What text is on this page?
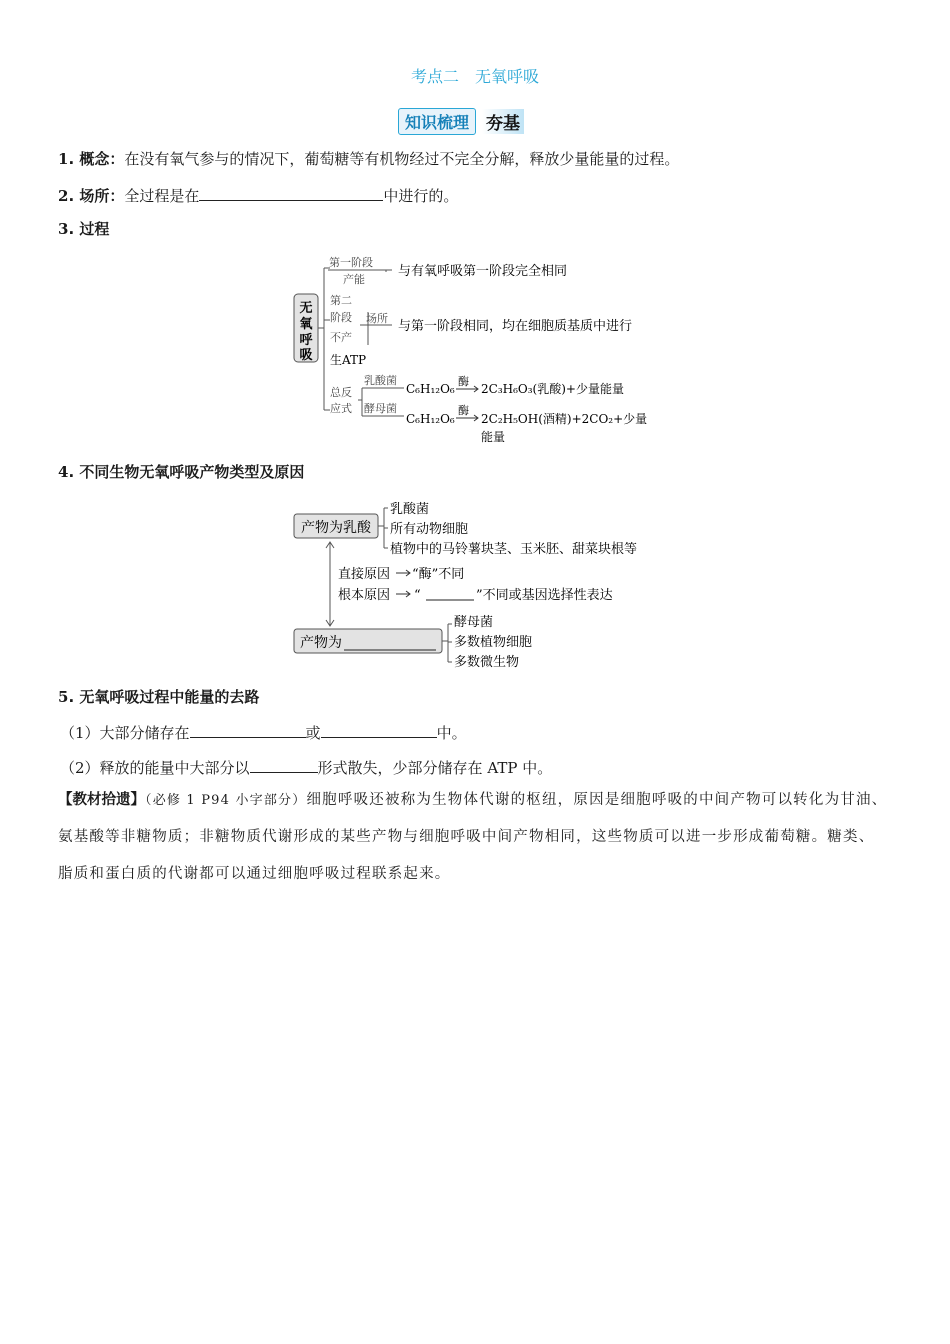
考点二 无氧呼吸
知识梳理	夯基
1. 概念：在没有氧气参与的情况下，葡萄糖等有机物经过不完全分解，释放少量能量的过程。
2. 场所：全过程是在	中进行的。
3. 过程
无
氧
呼
吸
第一阶段
产能
与有氧呼吸第一阶段完全相同
第二
阶段 场所
与第一阶段相同，均在细胞质基质中进行
不产
生ATP
总反
应式
乳酸菌
酵母菌
C₆H₁₂O₆
酶
2C₃H₆O₃(乳酸)+少量能量
C₆H₁₂O₆
酶
2C₂H₅OH(酒精)+2CO₂+少量
能量
4. 不同生物无氧呼吸产物类型及原因
产物为乳酸
乳酸菌
所有动物细胞
植物中的马铃薯块茎、玉米胚、甜菜块根等
直接原因 “酶”不同
根本原因 “	”不同或基因选择性表达
产物为
酵母菌
多数植物细胞
多数微生物
5. 无氧呼吸过程中能量的去路
（1）大部分储存在	或	中。
（2）释放的能量中大部分以	形式散失，少部分储存在 ATP 中。
【教材拾遗】（必修 1 P94 小字部分）细胞呼吸还被称为生物体代谢的枢纽，原因是细胞呼吸的中间产物可以转化为甘油、氨基酸等非糖物质；非糖物质代谢形成的某些产物与细胞呼吸中间产物相同，这些物质可以进一步形成葡萄糖。糖类、脂质和蛋白质的代谢都可以通过细胞呼吸过程联系起来。
